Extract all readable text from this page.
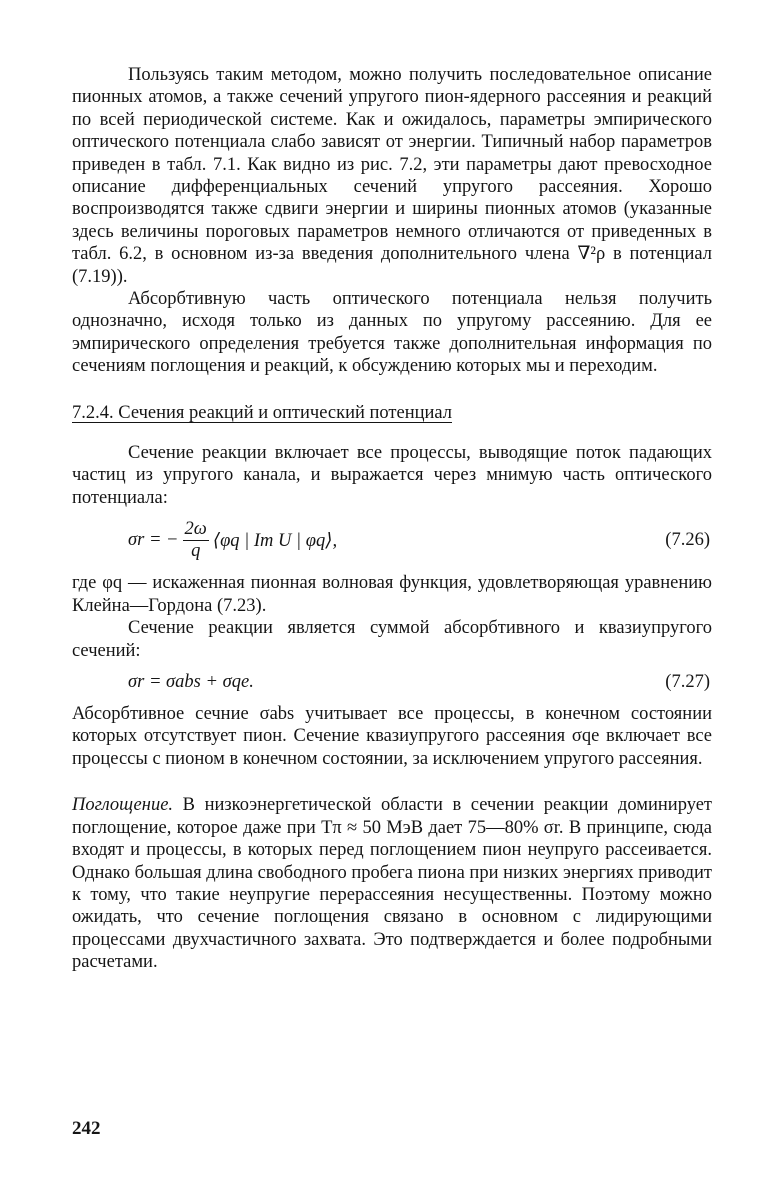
Пользуясь таким методом, можно получить последовательное описание пионных атомов, а также сечений упругого пион-ядерного рассеяния и реакций по всей периодической системе. Как и ожидалось, параметры эмпирического оптического потенциала слабо зависят от энергии. Типичный набор параметров приведен в табл. 7.1. Как видно из рис. 7.2, эти параметры дают превосходное описание дифференциальных сечений упругого рассеяния. Хорошо воспроизводятся также сдвиги энергии и ширины пионных атомов (указанные здесь величины пороговых параметров немного отличаются от приведенных в табл. 6.2, в основном из-за введения дополнительного члена ∇²ρ в потенциал (7.19)).

Абсорбтивную часть оптического потенциала нельзя получить однозначно, исходя только из данных по упругому рассеянию. Для ее эмпирического определения требуется также дополнительная информация по сечениям поглощения и реакций, к обсуждению которых мы и переходим.

7.2.4. Сечения реакций и оптический потенциал

Сечение реакции включает все процессы, выводящие поток падающих частиц из упругого канала, и выражается через мнимую часть оптического потенциала:

σr = − $\frac{2\omega}{q}$ ⟨φq | Im U | φq⟩,	(7.26)

где φq — искаженная пионная волновая функция, удовлетворяющая уравнению Клейна—Гордона (7.23).

Сечение реакции является суммой абсорбтивного и квазиупругого сечений:

σr = σabs + σqe.	(7.27)

Абсорбтивное сечние σabs учитывает все процессы, в конечном состоянии которых отсутствует пион. Сечение квазиупругого рассеяния σqe включает все процессы с пионом в конечном состоянии, за исключением упругого рассеяния.

Поглощение. В низкоэнергетической области в сечении реакции доминирует поглощение, которое даже при Tπ ≈ 50 МэВ дает 75—80% σr. В принципе, сюда входят и процессы, в которых перед поглощением пион неупруго рассеивается. Однако большая длина свободного пробега пиона при низких энергиях приводит к тому, что такие неупругие перерассеяния несущественны. Поэтому можно ожидать, что сечение поглощения связано в основном с лидирующими процессами двухчастичного захвата. Это подтверждается и более подробными расчетами.

242
